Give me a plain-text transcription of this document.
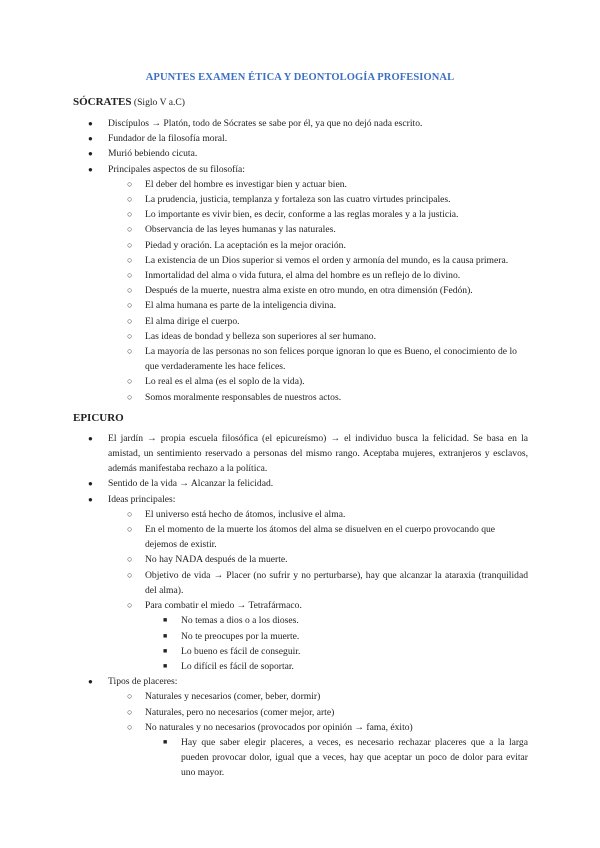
APUNTES EXAMEN ÉTICA Y DEONTOLOGÍA PROFESIONAL
SÓCRATES (Siglo V a.C)
● Discípulos → Platón, todo de Sócrates se sabe por él, ya que no dejó nada escrito.
● Fundador de la filosofía moral.
● Murió bebiendo cicuta.
● Principales aspectos de su filosofía:
○ El deber del hombre es investigar bien y actuar bien.
○ La prudencia, justicia, templanza y fortaleza son las cuatro virtudes principales.
○ Lo importante es vivir bien, es decir, conforme a las reglas morales y a la justicia.
○ Observancia de las leyes humanas y las naturales.
○ Piedad y oración. La aceptación es la mejor oración.
○ La existencia de un Dios superior si vemos el orden y armonía del mundo, es la causa primera.
○ Inmortalidad del alma o vida futura, el alma del hombre es un reflejo de lo divino.
○ Después de la muerte, nuestra alma existe en otro mundo, en otra dimensión (Fedón).
○ El alma humana es parte de la inteligencia divina.
○ El alma dirige el cuerpo.
○ Las ideas de bondad y belleza son superiores al ser humano.
○ La mayoría de las personas no son felices porque ignoran lo que es Bueno, el conocimiento de lo que verdaderamente les hace felices.
○ Lo real es el alma (es el soplo de la vida).
○ Somos moralmente responsables de nuestros actos.
EPICURO
● El jardín → propia escuela filosófica (el epicureísmo) → el individuo busca la felicidad. Se basa en la amistad, un sentimiento reservado a personas del mismo rango. Aceptaba mujeres, extranjeros y esclavos, además manifestaba rechazo a la política.
● Sentido de la vida → Alcanzar la felicidad.
● Ideas principales:
○ El universo está hecho de átomos, inclusive el alma.
○ En el momento de la muerte los átomos del alma se disuelven en el cuerpo provocando que dejemos de existir.
○ No hay NADA después de la muerte.
○ Objetivo de vida → Placer (no sufrir y no perturbarse), hay que alcanzar la ataraxia (tranquilidad del alma).
○ Para combatir el miedo → Tetrafármaco.
■ No temas a dios o a los dioses.
■ No te preocupes por la muerte.
■ Lo bueno es fácil de conseguir.
■ Lo difícil es fácil de soportar.
● Tipos de placeres:
○ Naturales y necesarios (comer, beber, dormir)
○ Naturales, pero no necesarios (comer mejor, arte)
○ No naturales y no necesarios (provocados por opinión → fama, éxito)
■ Hay que saber elegir placeres, a veces, es necesario rechazar placeres que a la larga pueden provocar dolor, igual que a veces, hay que aceptar un poco de dolor para evitar uno mayor.
